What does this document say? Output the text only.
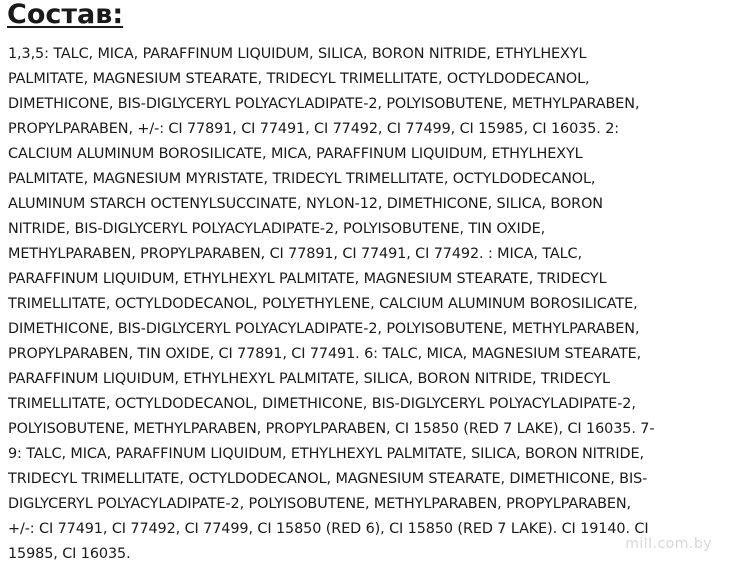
Состав:
1,3,5: TALC, MICA, PARAFFINUM LIQUIDUM, SILICA, BORON NITRIDE, ETHYLHEXYL
PALMITATE, MAGNESIUM STEARATE, TRIDECYL TRIMELLITATE, OCTYLDODECANOL,
DIMETHICONE, BIS-DIGLYCERYL POLYACYLADIPATE-2, POLYISOBUTENE, METHYLPARABEN,
PROPYLPARABEN, +/-: CI 77891, CI 77491, CI 77492, CI 77499, CI 15985, CI 16035. 2:
CALCIUM ALUMINUM BOROSILICATE, MICA, PARAFFINUM LIQUIDUM, ETHYLHEXYL
PALMITATE, MAGNESIUM MYRISTATE, TRIDECYL TRIMELLITATE, OCTYLDODECANOL,
ALUMINUM STARCH OCTENYLSUCCINATE, NYLON-12, DIMETHICONE, SILICA, BORON
NITRIDE, BIS-DIGLYCERYL POLYACYLADIPATE-2, POLYISOBUTENE, TIN OXIDE,
METHYLPARABEN, PROPYLPARABEN, CI 77891, CI 77491, CI 77492. : MICA, TALC,
PARAFFINUM LIQUIDUM, ETHYLHEXYL PALMITATE, MAGNESIUM STEARATE, TRIDECYL
TRIMELLITATE, OCTYLDODECANOL, POLYETHYLENE, CALCIUM ALUMINUM BOROSILICATE,
DIMETHICONE, BIS-DIGLYCERYL POLYACYLADIPATE-2, POLYISOBUTENE, METHYLPARABEN,
PROPYLPARABEN, TIN OXIDE, CI 77891, CI 77491. 6: TALC, MICA, MAGNESIUM STEARATE,
PARAFFINUM LIQUIDUM, ETHYLHEXYL PALMITATE, SILICA, BORON NITRIDE, TRIDECYL
TRIMELLITATE, OCTYLDODECANOL, DIMETHICONE, BIS-DIGLYCERYL POLYACYLADIPATE-2,
POLYISOBUTENE, METHYLPARABEN, PROPYLPARABEN, CI 15850 (RED 7 LAKE), CI 16035. 7-
9: TALC, MICA, PARAFFINUM LIQUIDUM, ETHYLHEXYL PALMITATE, SILICA, BORON NITRIDE,
TRIDECYL TRIMELLITATE, OCTYLDODECANOL, MAGNESIUM STEARATE, DIMETHICONE, BIS-
DIGLYCERYL POLYACYLADIPATE-2, POLYISOBUTENE, METHYLPARABEN, PROPYLPARABEN,
+/-: CI 77491, CI 77492, CI 77499, CI 15850 (RED 6), CI 15850 (RED 7 LAKE). CI 19140. CI
15985, CI 16035.
mill.com.by
